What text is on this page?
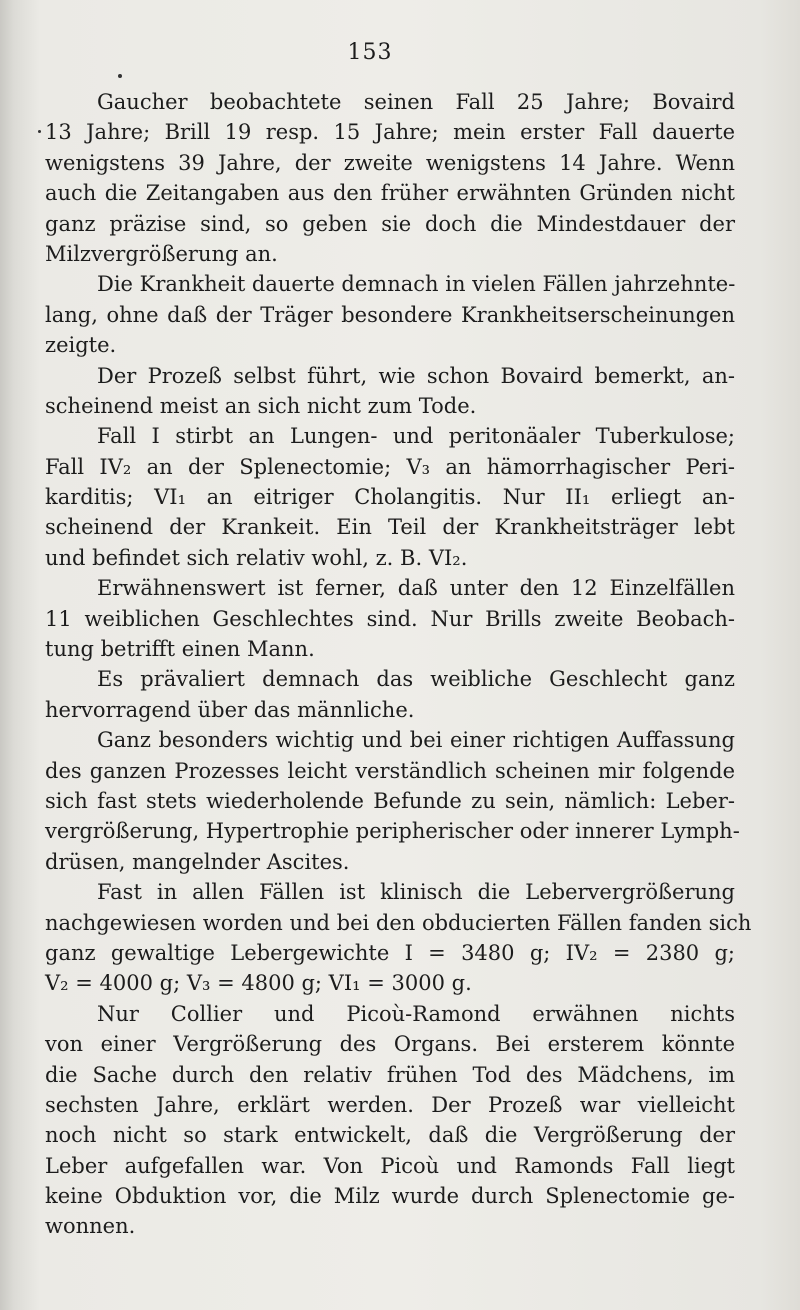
153
Gaucher beobachtete seinen Fall 25 Jahre; Bovaird
13 Jahre; Brill 19 resp. 15 Jahre; mein erster Fall dauerte
wenigstens 39 Jahre, der zweite wenigstens 14 Jahre. Wenn
auch die Zeitangaben aus den früher erwähnten Gründen nicht
ganz präzise sind, so geben sie doch die Mindestdauer der
Milzvergrößerung an.
Die Krankheit dauerte demnach in vielen Fällen jahrzehnte-
lang, ohne daß der Träger besondere Krankheitserscheinungen
zeigte.
Der Prozeß selbst führt, wie schon Bovaird bemerkt, an-
scheinend meist an sich nicht zum Tode.
Fall I stirbt an Lungen- und peritonäaler Tuberkulose;
Fall IV₂ an der Splenectomie; V₃ an hämorrhagischer Peri-
karditis; VI₁ an eitriger Cholangitis. Nur II₁ erliegt an-
scheinend der Krankeit. Ein Teil der Krankheitsträger lebt
und befindet sich relativ wohl, z. B. VI₂.
Erwähnenswert ist ferner, daß unter den 12 Einzelfällen
11 weiblichen Geschlechtes sind. Nur Brills zweite Beobach-
tung betrifft einen Mann.
Es prävaliert demnach das weibliche Geschlecht ganz
hervorragend über das männliche.
Ganz besonders wichtig und bei einer richtigen Auffassung
des ganzen Prozesses leicht verständlich scheinen mir folgende
sich fast stets wiederholende Befunde zu sein, nämlich: Leber-
vergrößerung, Hypertrophie peripherischer oder innerer Lymph-
drüsen, mangelnder Ascites.
Fast in allen Fällen ist klinisch die Lebervergrößerung
nachgewiesen worden und bei den obducierten Fällen fanden sich
ganz gewaltige Lebergewichte I = 3480 g; IV₂ = 2380 g;
V₂ = 4000 g; V₃ = 4800 g; VI₁ = 3000 g.
Nur Collier und Picoù-Ramond erwähnen nichts
von einer Vergrößerung des Organs. Bei ersterem könnte
die Sache durch den relativ frühen Tod des Mädchens, im
sechsten Jahre, erklärt werden. Der Prozeß war vielleicht
noch nicht so stark entwickelt, daß die Vergrößerung der
Leber aufgefallen war. Von Picoù und Ramonds Fall liegt
keine Obduktion vor, die Milz wurde durch Splenectomie ge-
wonnen.
